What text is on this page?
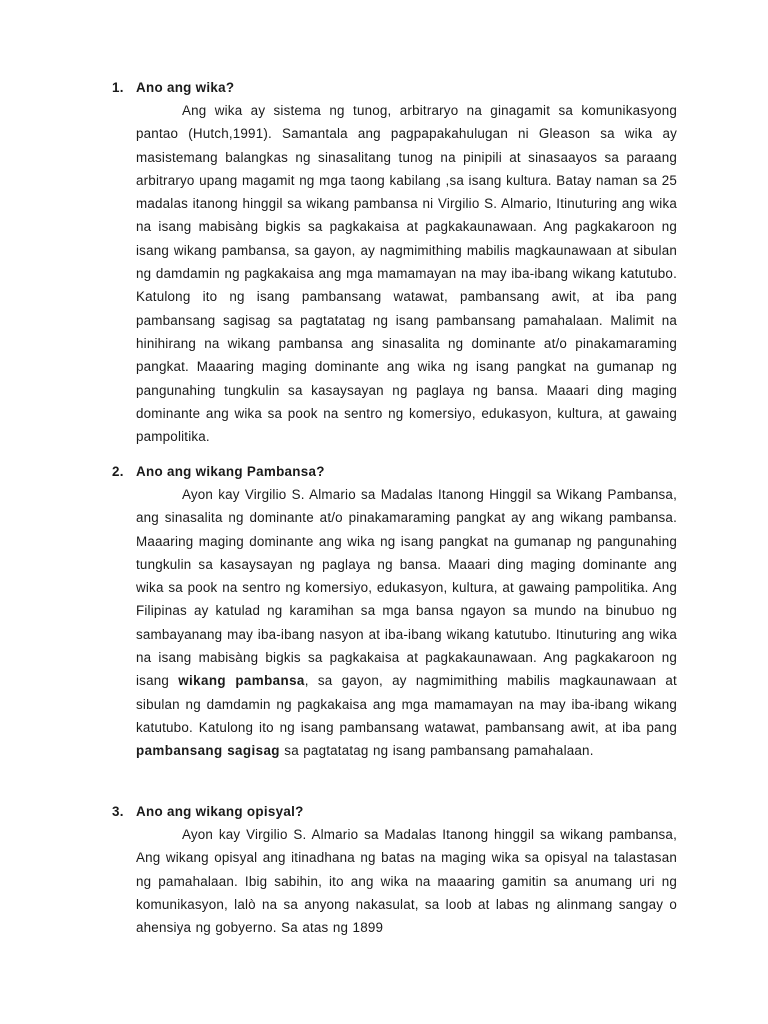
1. Ano ang wika?
Ang wika ay sistema ng tunog, arbitraryo na ginagamit sa komunikasyong pantao (Hutch,1991). Samantala ang pagpapakahulugan ni Gleason sa wika ay masistemang balangkas ng sinasalitang tunog na pinipili at sinasaayos sa paraang arbitraryo upang magamit ng mga taong kabilang ,sa isang kultura. Batay naman sa 25 madalas itanong hinggil sa wikang pambansa ni Virgilio S. Almario, Itinuturing ang wika na isang mabisàng bigkis sa pagkakaisa at pagkakaunawaan. Ang pagkakaroon ng isang wikang pambansa, sa gayon, ay nagmimithing mabilis magkaunawaan at sibulan ng damdamin ng pagkakaisa ang mga mamamayan na may iba-ibang wikang katutubo. Katulong ito ng isang pambansang watawat, pambansang awit, at iba pang pambansang sagisag sa pagtatatag ng isang pambansang pamahalaan. Malimit na hinihirang na wikang pambansa ang sinasalita ng dominante at/o pinakamaraming pangkat. Maaaring maging dominante ang wika ng isang pangkat na gumanap ng pangunahing tungkulin sa kasaysayan ng paglaya ng bansa. Maaari ding maging dominante ang wika sa pook na sentro ng komersiyo, edukasyon, kultura, at gawaing pampolitika.
2. Ano ang wikang Pambansa?
Ayon kay Virgilio S. Almario sa Madalas Itanong Hinggil sa Wikang Pambansa, ang sinasalita ng dominante at/o pinakamaraming pangkat ay ang wikang pambansa. Maaaring maging dominante ang wika ng isang pangkat na gumanap ng pangunahing tungkulin sa kasaysayan ng paglaya ng bansa. Maaari ding maging dominante ang wika sa pook na sentro ng komersiyo, edukasyon, kultura, at gawaing pampolitika. Ang Filipinas ay katulad ng karamihan sa mga bansa ngayon sa mundo na binubuo ng sambayanang may iba-ibang nasyon at iba-ibang wikang katutubo. Itinuturing ang wika na isang mabisàng bigkis sa pagkakaisa at pagkakaunawaan. Ang pagkakaroon ng isang wikang pambansa, sa gayon, ay nagmimithing mabilis magkaunawaan at sibulan ng damdamin ng pagkakaisa ang mga mamamayan na may iba-ibang wikang katutubo. Katulong ito ng isang pambansang watawat, pambansang awit, at iba pang pambansang sagisag sa pagtatatag ng isang pambansang pamahalaan.
3. Ano ang wikang opisyal?
Ayon kay Virgilio S. Almario sa Madalas Itanong hinggil sa wikang pambansa, Ang wikang opisyal ang itinadhana ng batas na maging wika sa opisyal na talastasan ng pamahalaan. Ibig sabihin, ito ang wika na maaaring gamitin sa anumang uri ng komunikasyon, lalò na sa anyong nakasulat, sa loob at labas ng alinmang sangay o ahensiya ng gobyerno. Sa atas ng 1899
